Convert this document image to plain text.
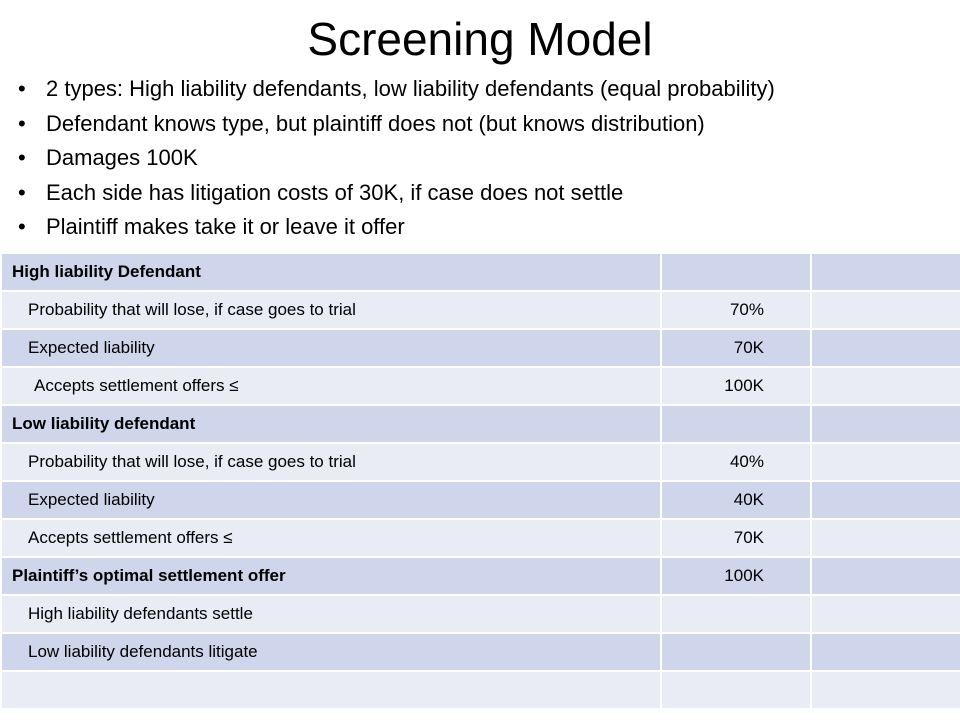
Screening Model
• 2 types: High liability defendants, low liability defendants (equal probability)
• Defendant knows type, but plaintiff does not (but knows distribution)
• Damages 100K
• Each side has litigation costs of 30K, if case does not settle
• Plaintiff makes take it or leave it offer
High liability Defendant		
Probability that will lose, if case goes to trial	70%	
Expected liability	70K	
Accepts settlement offers ≤	100K	
Low liability defendant		
Probability that will lose, if case goes to trial	40%	
Expected liability	40K	
Accepts settlement offers ≤	70K	
Plaintiff’s optimal settlement offer	100K	
High liability defendants settle		
Low liability defendants litigate		
